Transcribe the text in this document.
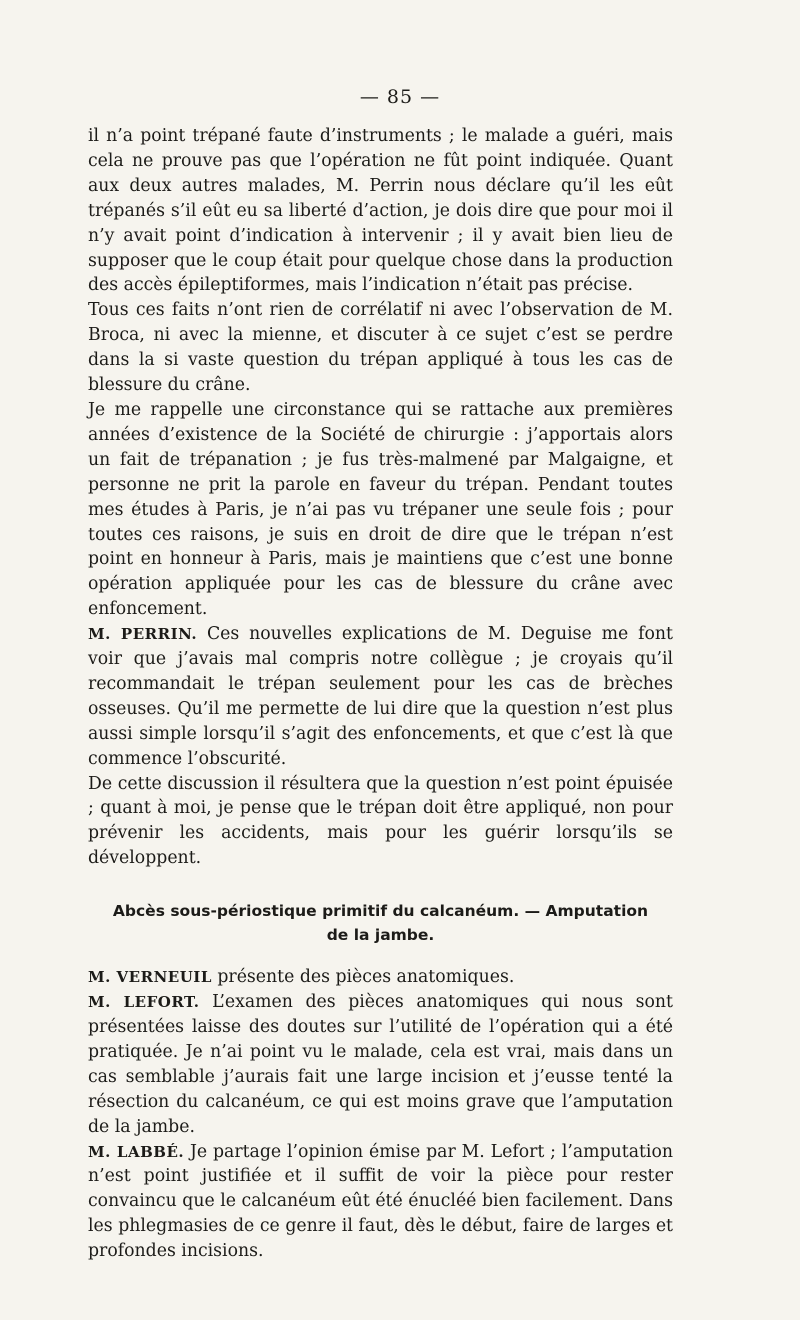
— 85 —

il n’a point trépané faute d’instruments ; le malade a guéri, mais cela ne prouve pas que l’opération ne fût point indiquée. Quant aux deux autres malades, M. Perrin nous déclare qu’il les eût trépanés s’il eût eu sa liberté d’action, je dois dire que pour moi il n’y avait point d’indication à intervenir ; il y avait bien lieu de supposer que le coup était pour quelque chose dans la production des accès épileptiformes, mais l’indication n’était pas précise.

Tous ces faits n’ont rien de corrélatif ni avec l’observation de M. Broca, ni avec la mienne, et discuter à ce sujet c’est se perdre dans la si vaste question du trépan appliqué à tous les cas de blessure du crâne.

Je me rappelle une circonstance qui se rattache aux premières années d’existence de la Société de chirurgie : j’apportais alors un fait de trépanation ; je fus très-malmené par Malgaigne, et personne ne prit la parole en faveur du trépan. Pendant toutes mes études à Paris, je n’ai pas vu trépaner une seule fois ; pour toutes ces raisons, je suis en droit de dire que le trépan n’est point en honneur à Paris, mais je maintiens que c’est une bonne opération appliquée pour les cas de blessure du crâne avec enfoncement.

M. PERRIN. Ces nouvelles explications de M. Deguise me font voir que j’avais mal compris notre collègue ; je croyais qu’il recommandait le trépan seulement pour les cas de brèches osseuses. Qu’il me permette de lui dire que la question n’est plus aussi simple lorsqu’il s’agit des enfoncements, et que c’est là que commence l’obscurité.

De cette discussion il résultera que la question n’est point épuisée ; quant à moi, je pense que le trépan doit être appliqué, non pour prévenir les accidents, mais pour les guérir lorsqu’ils se développent.

Abcès sous-périostique primitif du calcanéum. — Amputation
de la jambe.

M. VERNEUIL présente des pièces anatomiques.

M. LEFORT. L’examen des pièces anatomiques qui nous sont présentées laisse des doutes sur l’utilité de l’opération qui a été pratiquée. Je n’ai point vu le malade, cela est vrai, mais dans un cas semblable j’aurais fait une large incision et j’eusse tenté la résection du calcanéum, ce qui est moins grave que l’amputation de la jambe.

M. LABBÉ. Je partage l’opinion émise par M. Lefort ; l’amputation n’est point justifiée et il suffit de voir la pièce pour rester convaincu que le calcanéum eût été énucléé bien facilement. Dans les phlegmasies de ce genre il faut, dès le début, faire de larges et profondes incisions.
